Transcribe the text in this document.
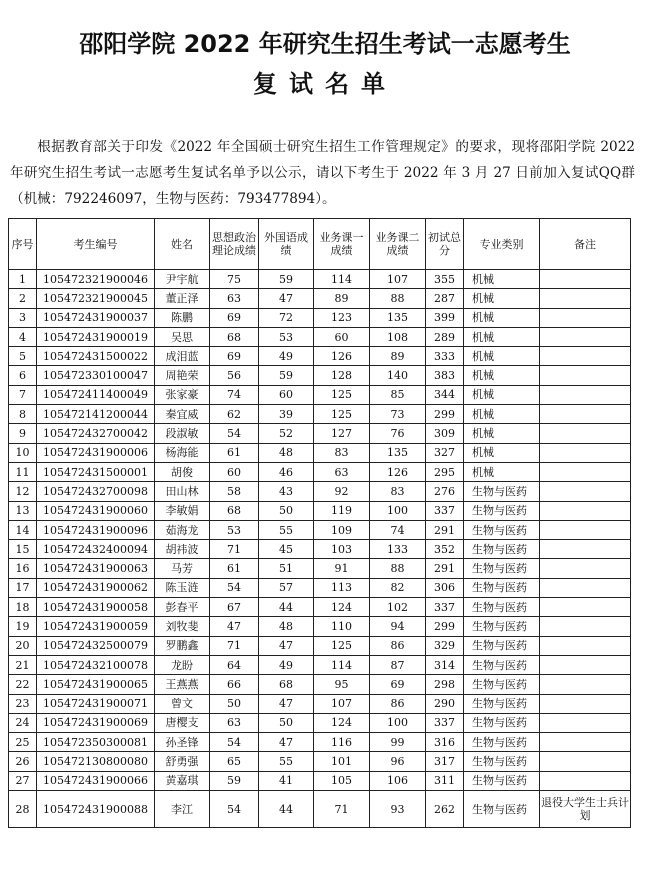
邵阳学院 2022 年研究生招生考试一志愿考生
复试名单

根据教育部关于印发《2022 年全国硕士研究生招生工作管理规定》的要求，现将邵阳学院 2022 年研究生招生考试一志愿考生复试名单予以公示，请以下考生于 2022 年 3 月 27 日前加入复试QQ群（机械：792246097，生物与医药：793477894）。

序号	考生编号	姓名	思想政治理论成绩	外国语成绩	业务课一成绩	业务课二成绩	初试总分	专业类别	备注
1	105472321900046	尹宇航	75	59	114	107	355	机械	
2	105472321900045	董正泽	63	47	89	88	287	机械	
3	105472431900037	陈鹏	69	72	123	135	399	机械	
4	105472431900019	吴思	68	53	60	108	289	机械	
5	105472431500022	成泪蓝	69	49	126	89	333	机械	
6	105472330100047	周艳荣	56	59	128	140	383	机械	
7	105472411400049	张家豪	74	60	125	85	344	机械	
8	105472141200044	秦宜威	62	39	125	73	299	机械	
9	105472432700042	段淑敏	54	52	127	76	309	机械	
10	105472431900006	杨海能	61	48	83	135	327	机械	
11	105472431500001	胡俊	60	46	63	126	295	机械	
12	105472432700098	田山林	58	43	92	83	276	生物与医药	
13	105472431900060	李敏娟	68	50	119	100	337	生物与医药	
14	105472431900096	茹海龙	53	55	109	74	291	生物与医药	
15	105472432400094	胡祎波	71	45	103	133	352	生物与医药	
16	105472431900063	马芳	61	51	91	88	291	生物与医药	
17	105472431900062	陈玉涟	54	57	113	82	306	生物与医药	
18	105472431900058	彭春平	67	44	124	102	337	生物与医药	
19	105472431900059	刘牧斐	47	48	110	94	299	生物与医药	
20	105472432500079	罗鹏鑫	71	47	125	86	329	生物与医药	
21	105472432100078	龙盼	64	49	114	87	314	生物与医药	
22	105472431900065	王燕燕	66	68	95	69	298	生物与医药	
23	105472431900071	曾文	50	47	107	86	290	生物与医药	
24	105472431900069	唐樱支	63	50	124	100	337	生物与医药	
25	105472350300081	孙圣锋	54	47	116	99	316	生物与医药	
26	105472130800080	舒勇强	65	55	101	96	317	生物与医药	
27	105472431900066	黄嘉琪	59	41	105	106	311	生物与医药	
28	105472431900088	李江	54	44	71	93	262	生物与医药	退役大学生士兵计划
